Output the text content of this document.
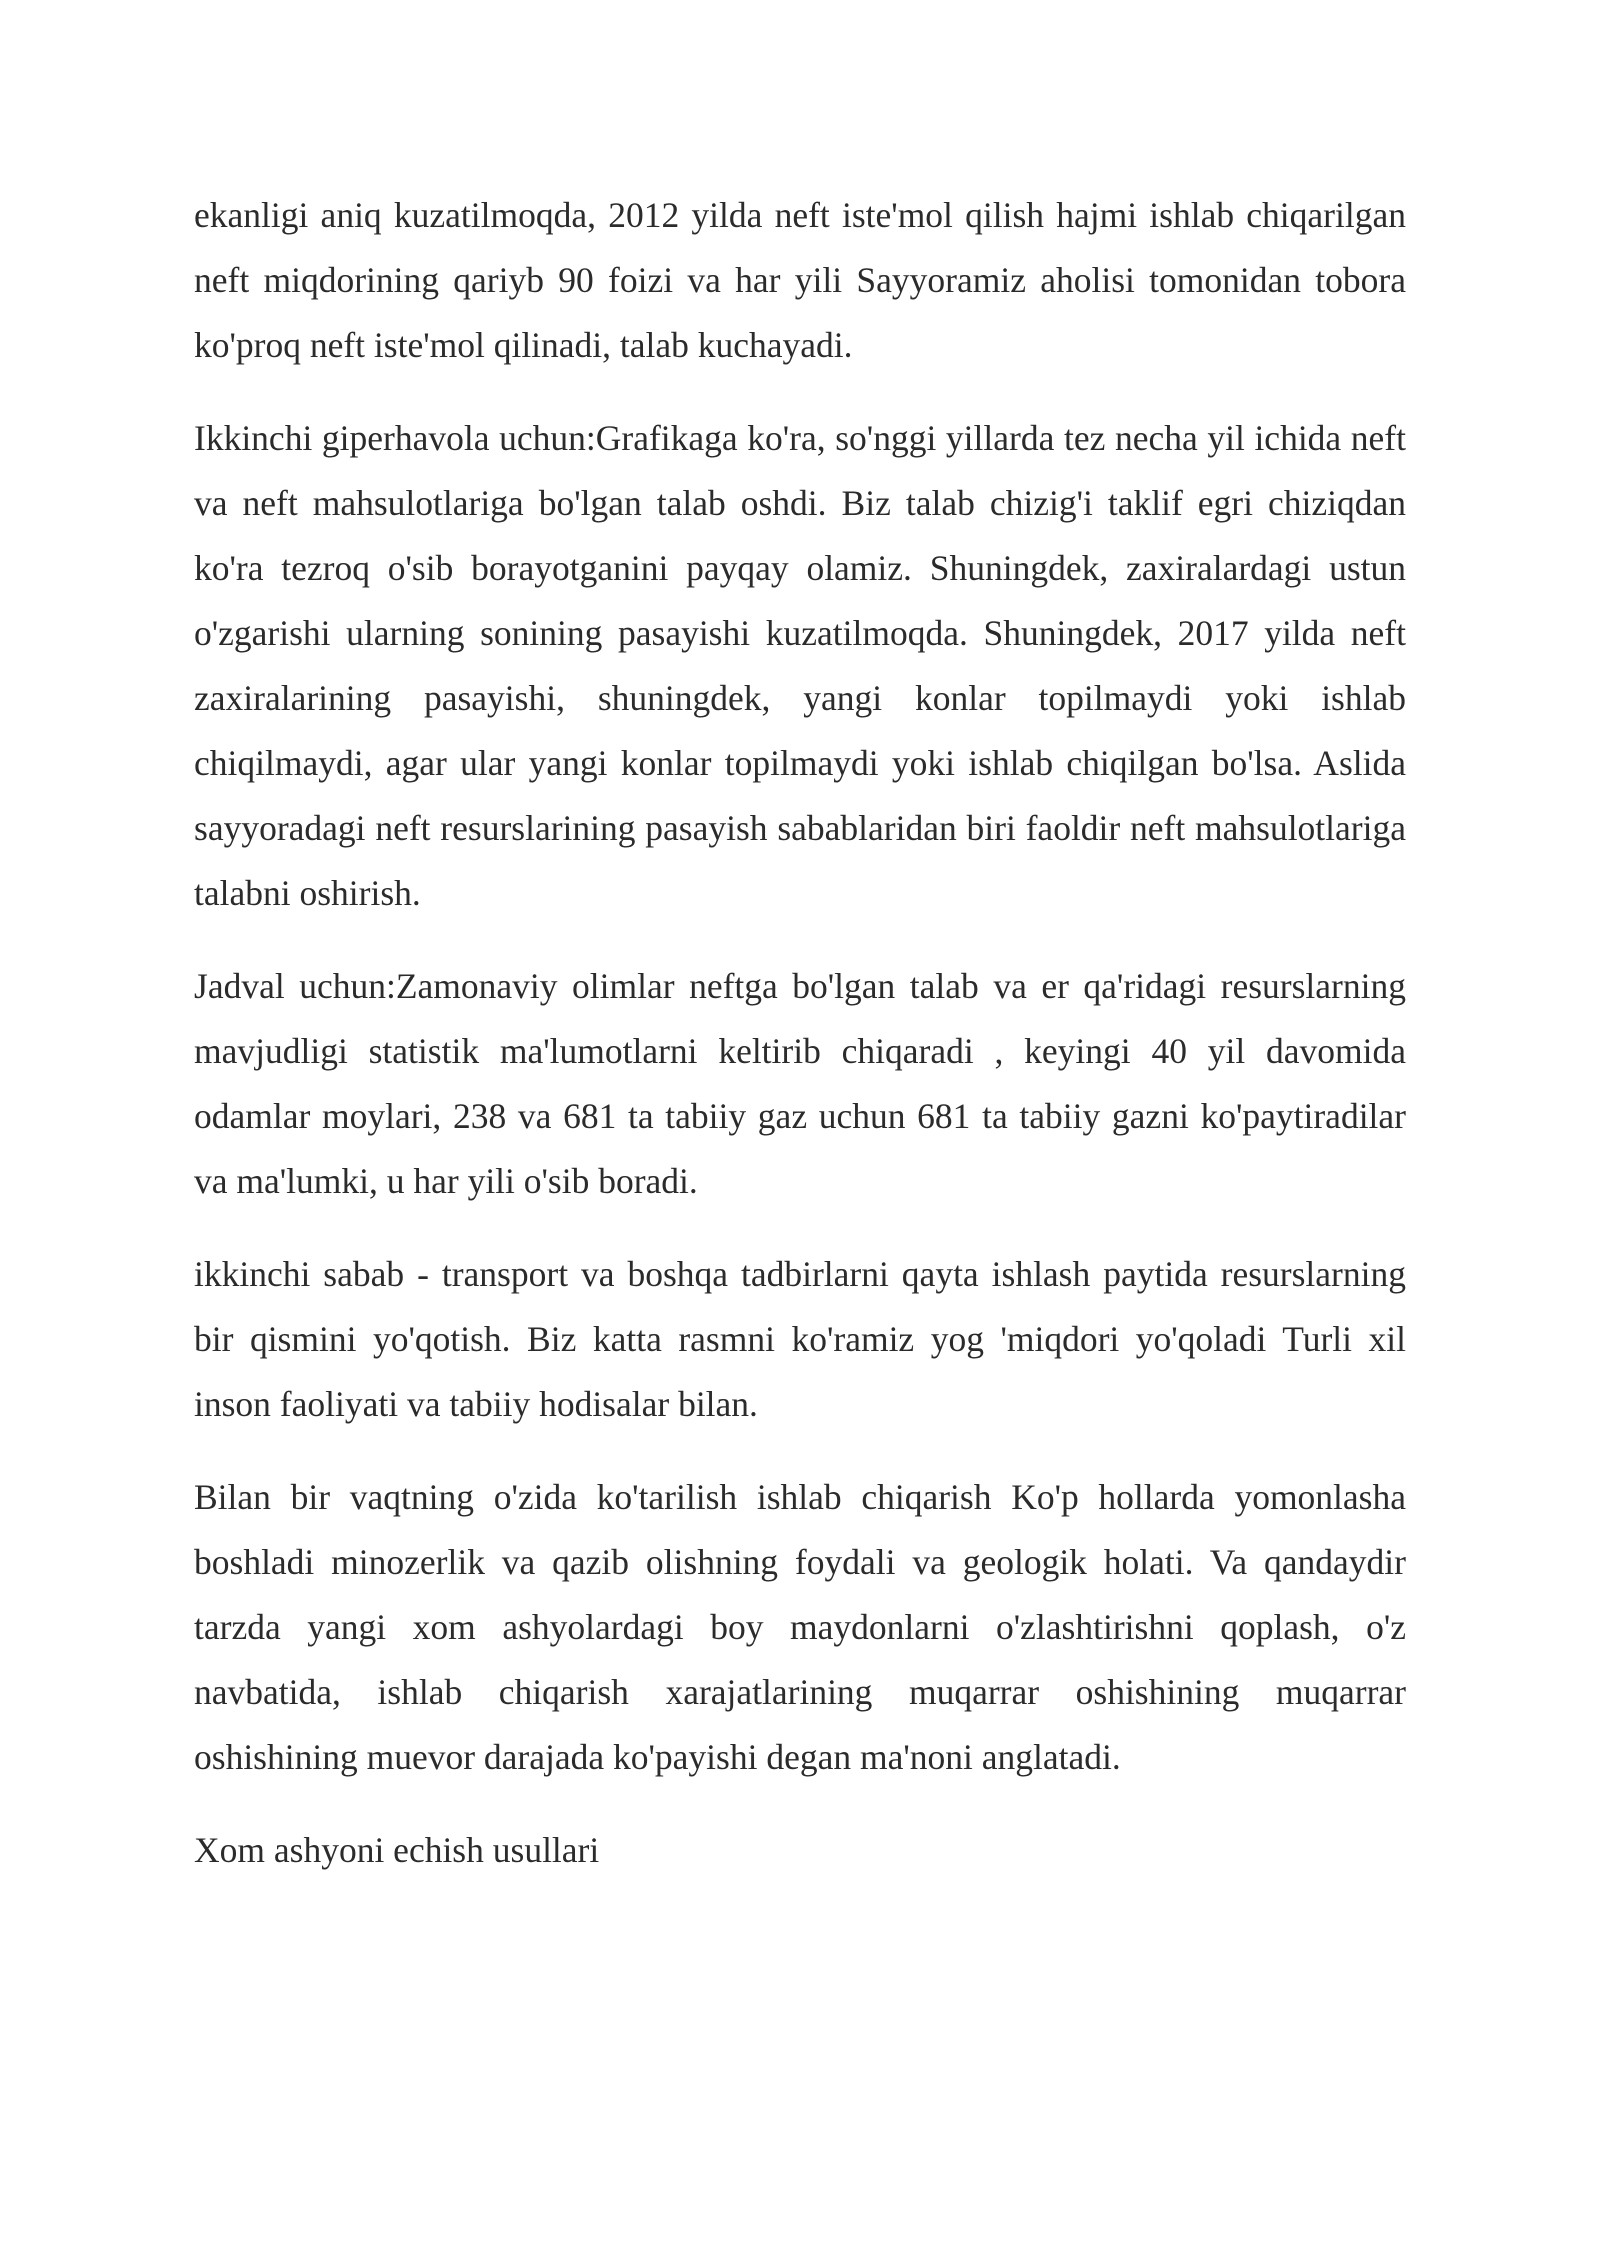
ekanligi aniq kuzatilmoqda, 2012 yilda neft iste'mol qilish hajmi ishlab chiqarilgan neft miqdorining qariyb 90 foizi va har yili Sayyoramiz aholisi tomonidan tobora ko'proq neft iste'mol qilinadi, talab kuchayadi.

Ikkinchi giperhavola uchun:Grafikaga ko'ra, so'nggi yillarda tez necha yil ichida neft va neft mahsulotlariga bo'lgan talab oshdi. Biz talab chizig'i taklif egri chiziqdan ko'ra tezroq o'sib borayotganini payqay olamiz. Shuningdek, zaxiralardagi ustun o'zgarishi ularning sonining pasayishi kuzatilmoqda. Shuningdek, 2017 yilda neft zaxiralarining pasayishi, shuningdek, yangi konlar topilmaydi yoki ishlab chiqilmaydi, agar ular yangi konlar topilmaydi yoki ishlab chiqilgan bo'lsa. Aslida sayyoradagi neft resurslarining pasayish sabablaridan biri faoldir neft mahsulotlariga talabni oshirish.

Jadval uchun:Zamonaviy olimlar neftga bo'lgan talab va er qa'ridagi resurslarning mavjudligi statistik ma'lumotlarni keltirib chiqaradi , keyingi 40 yil davomida odamlar moylari, 238 va 681 ta tabiiy gaz uchun 681 ta tabiiy gazni ko'paytiradilar va ma'lumki, u har yili o'sib boradi.

ikkinchi sabab - transport va boshqa tadbirlarni qayta ishlash paytida resurslarning bir qismini yo'qotish. Biz katta rasmni ko'ramiz yog 'miqdori yo'qoladi Turli xil inson faoliyati va tabiiy hodisalar bilan.

Bilan bir vaqtning o'zida ko'tarilish ishlab chiqarish Ko'p hollarda yomonlasha boshladi minozerlik va qazib olishning foydali va geologik holati. Va qandaydir tarzda yangi xom ashyolardagi boy maydonlarni o'zlashtirishni qoplash, o'z navbatida, ishlab chiqarish xarajatlarining muqarrar oshishining muqarrar oshishining muevor darajada ko'payishi degan ma'noni anglatadi.

Xom ashyoni echish usullari
